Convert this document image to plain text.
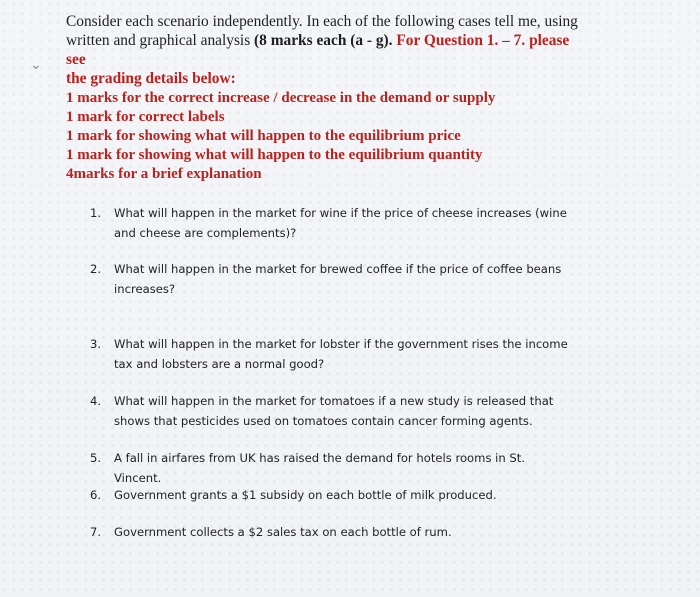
⌄
Consider each scenario independently. In each of the following cases tell me, using
written and graphical analysis (8 marks each (a - g). For Question 1. – 7. please see
the grading details below:
1 marks for the correct increase / decrease in the demand or supply
1 mark for correct labels
1 mark for showing what will happen to the equilibrium price
1 mark for showing what will happen to the equilibrium quantity
4marks for a brief explanation
1.	What will happen in the market for wine if the price of cheese increases (wine and cheese are complements)?
2.	What will happen in the market for brewed coffee if the price of coffee beans increases?
3.	What will happen in the market for lobster if the government rises the income tax and lobsters are a normal good?
4.	What will happen in the market for tomatoes if a new study is released that shows that pesticides used on tomatoes contain cancer forming agents.
5.	A fall in airfares from UK has raised the demand for hotels rooms in St. Vincent.
6.	Government grants a $1 subsidy on each bottle of milk produced.
7.	Government collects a $2 sales tax on each bottle of rum.
